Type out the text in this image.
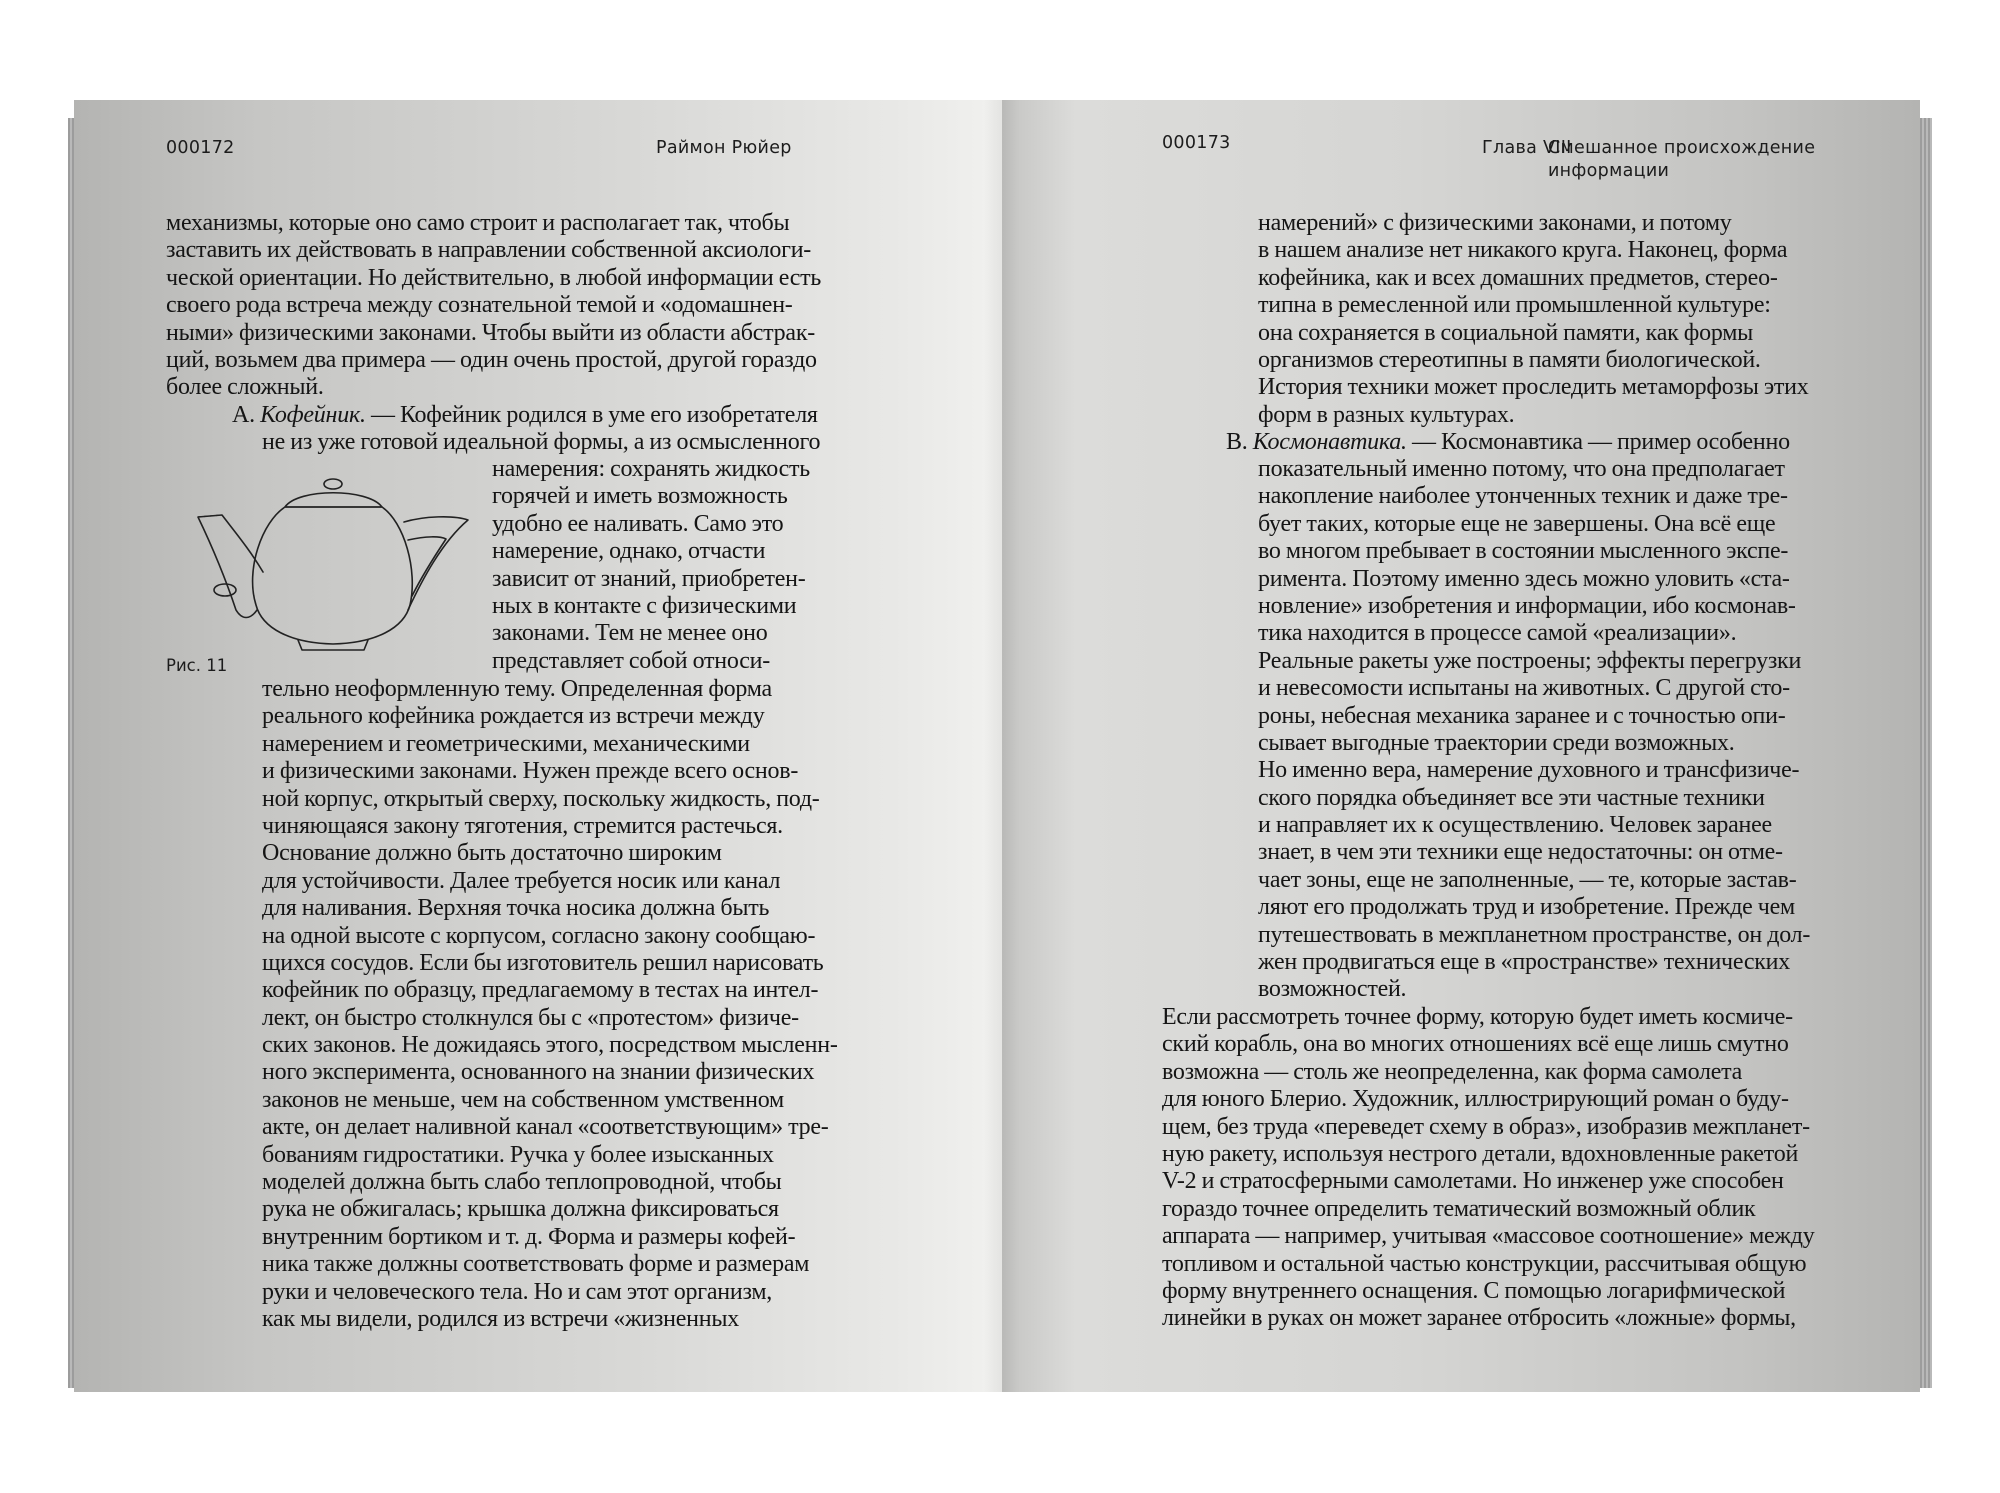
000172	Раймон Рюйер
механизмы, которые оно само строит и располагает так, чтобы
заставить их действовать в направлении собственной аксиологи-
ческой ориентации. Но действительно, в любой информации есть
своего рода встреча между сознательной темой и «одомашнен-
ными» физическими законами. Чтобы выйти из области абстрак-
ций, возьмем два примера — один очень простой, другой гораздо
более сложный.
A. Кофейник. — Кофейник родился в уме его изобретателя
не из уже готовой идеальной формы, а из осмысленного
намерения: сохранять жидкость
горячей и иметь возможность
удобно ее наливать. Само это
намерение, однако, отчасти
зависит от знаний, приобретен-
ных в контакте с физическими
законами. Тем не менее оно
представляет собой относи-
Рис. 11
тельно неоформленную тему. Определенная форма
реального кофейника рождается из встречи между
намерением и геометрическими, механическими
и физическими законами. Нужен прежде всего основ-
ной корпус, открытый сверху, поскольку жидкость, под-
чиняющаяся закону тяготения, стремится растечься.
Основание должно быть достаточно широким
для устойчивости. Далее требуется носик или канал
для наливания. Верхняя точка носика должна быть
на одной высоте с корпусом, согласно закону сообщаю-
щихся сосудов. Если бы изготовитель решил нарисовать
кофейник по образцу, предлагаемому в тестах на интел-
лект, он быстро столкнулся бы с «протестом» физиче-
ских законов. Не дожидаясь этого, посредством мысленн-
ного эксперимента, основанного на знании физических
законов не меньше, чем на собственном умственном
акте, он делает наливной канал «соответствующим» тре-
бованиям гидростатики. Ручка у более изысканных
моделей должна быть слабо теплопроводной, чтобы
рука не обжигалась; крышка должна фиксироваться
внутренним бортиком и т. д. Форма и размеры кофей-
ника также должны соответствовать форме и размерам
руки и человеческого тела. Но и сам этот организм,
как мы видели, родился из встречи «жизненных
000173	Глава VIII
Смешанное происхождение
информации
намерений» с физическими законами, и потому
в нашем анализе нет никакого круга. Наконец, форма
кофейника, как и всех домашних предметов, стерео-
типна в ремесленной или промышленной культуре:
она сохраняется в социальной памяти, как формы
организмов стереотипны в памяти биологической.
История техники может проследить метаморфозы этих
форм в разных культурах.
B. Космонавтика. — Космонавтика — пример особенно
показательный именно потому, что она предполагает
накопление наиболее утонченных техник и даже тре-
бует таких, которые еще не завершены. Она всё еще
во многом пребывает в состоянии мысленного экспе-
римента. Поэтому именно здесь можно уловить «ста-
новление» изобретения и информации, ибо космонав-
тика находится в процессе самой «реализации».
Реальные ракеты уже построены; эффекты перегрузки
и невесомости испытаны на животных. С другой сто-
роны, небесная механика заранее и с точностью опи-
сывает выгодные траектории среди возможных.
Но именно вера, намерение духовного и трансфизиче-
ского порядка объединяет все эти частные техники
и направляет их к осуществлению. Человек заранее
знает, в чем эти техники еще недостаточны: он отме-
чает зоны, еще не заполненные, — те, которые застав-
ляют его продолжать труд и изобретение. Прежде чем
путешествовать в межпланетном пространстве, он дол-
жен продвигаться еще в «пространстве» технических
возможностей.
Если рассмотреть точнее форму, которую будет иметь космиче-
ский корабль, она во многих отношениях всё еще лишь смутно
возможна — столь же неопределенна, как форма самолета
для юного Блерио. Художник, иллюстрирующий роман о буду-
щем, без труда «переведет схему в образ», изобразив межпланет-
ную ракету, используя нестрого детали, вдохновленные ракетой
V-2 и стратосферными самолетами. Но инженер уже способен
гораздо точнее определить тематический возможный облик
аппарата — например, учитывая «массовое соотношение» между
топливом и остальной частью конструкции, рассчитывая общую
форму внутреннего оснащения. С помощью логарифмической
линейки в руках он может заранее отбросить «ложные» формы,
